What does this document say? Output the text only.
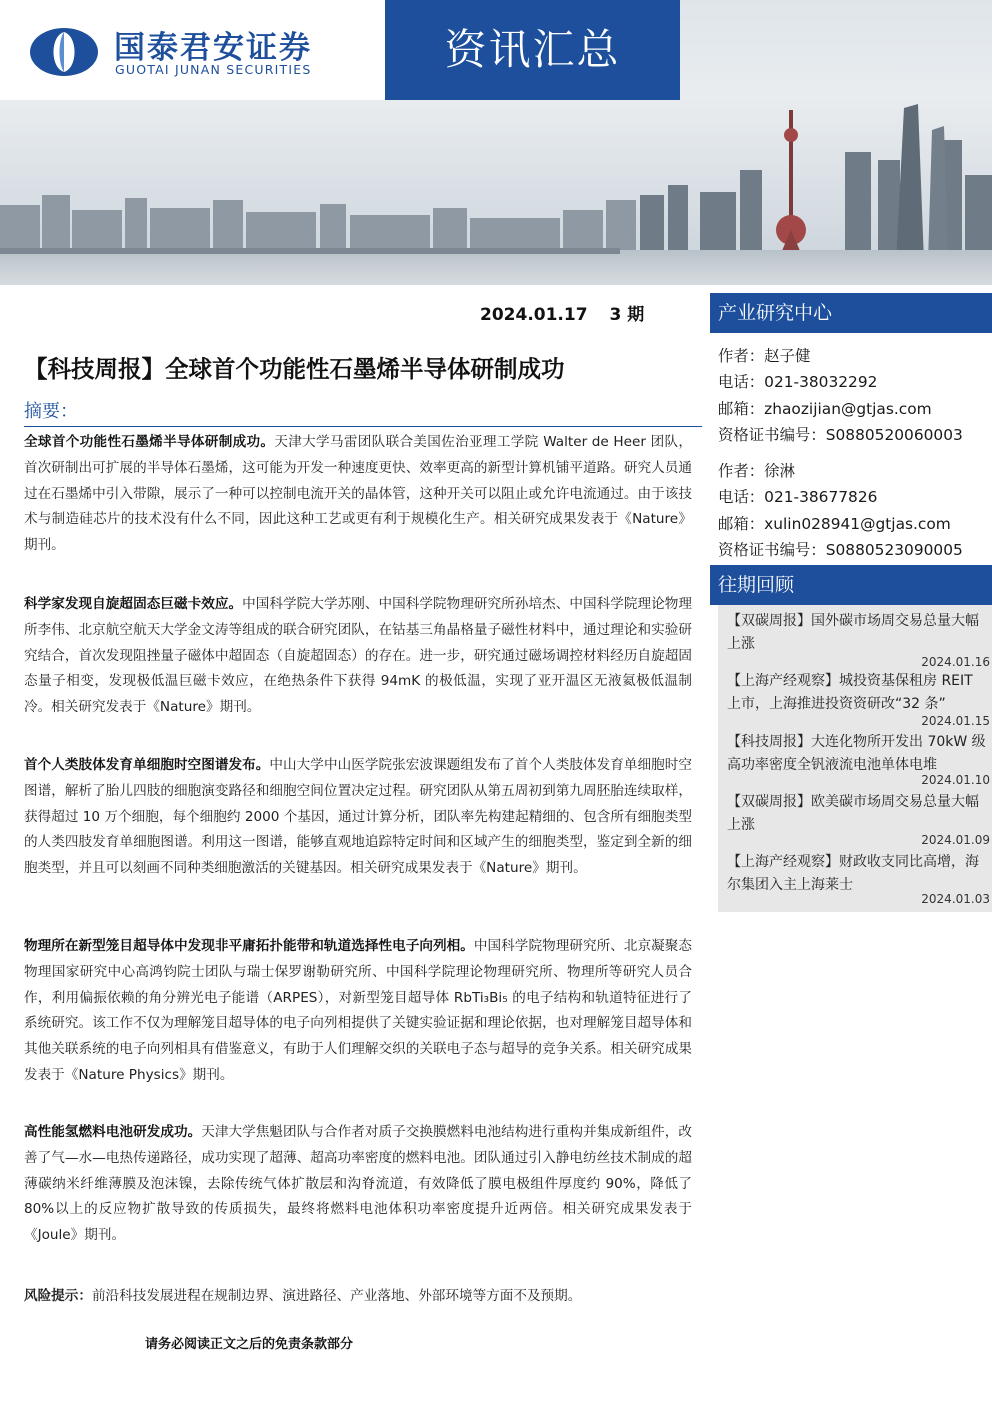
国泰君安证券
GUOTAI JUNAN SECURITIES	资讯汇总
2024.01.17 3 期
【科技周报】全球首个功能性石墨烯半导体研制成功
摘要：
全球首个功能性石墨烯半导体研制成功。天津大学马雷团队联合美国佐治亚理工学院 Walter de Heer 团队，首次研制出可扩展的半导体石墨烯，这可能为开发一种速度更快、效率更高的新型计算机铺平道路。研究人员通过在石墨烯中引入带隙，展示了一种可以控制电流开关的晶体管，这种开关可以阻止或允许电流通过。由于该技术与制造硅芯片的技术没有什么不同，因此这种工艺或更有利于规模化生产。相关研究成果发表于《Nature》期刊。
科学家发现自旋超固态巨磁卡效应。中国科学院大学苏刚、中国科学院物理研究所孙培杰、中国科学院理论物理所李伟、北京航空航天大学金文涛等组成的联合研究团队，在钴基三角晶格量子磁性材料中，通过理论和实验研究结合，首次发现阻挫量子磁体中超固态（自旋超固态）的存在。进一步，研究通过磁场调控材料经历自旋超固态量子相变，发现极低温巨磁卡效应，在绝热条件下获得 94mK 的极低温，实现了亚开温区无液氦极低温制冷。相关研究发表于《Nature》期刊。
首个人类肢体发育单细胞时空图谱发布。中山大学中山医学院张宏波课题组发布了首个人类肢体发育单细胞时空图谱，解析了胎儿四肢的细胞演变路径和细胞空间位置决定过程。研究团队从第五周初到第九周胚胎连续取样，获得超过 10 万个细胞，每个细胞约 2000 个基因，通过计算分析，团队率先构建起精细的、包含所有细胞类型的人类四肢发育单细胞图谱。利用这一图谱，能够直观地追踪特定时间和区域产生的细胞类型，鉴定到全新的细胞类型，并且可以刻画不同种类细胞激活的关键基因。相关研究成果发表于《Nature》期刊。
物理所在新型笼目超导体中发现非平庸拓扑能带和轨道选择性电子向列相。中国科学院物理研究所、北京凝聚态物理国家研究中心高鸿钧院士团队与瑞士保罗谢勒研究所、中国科学院理论物理研究所、物理所等研究人员合作，利用偏振依赖的角分辨光电子能谱（ARPES），对新型笼目超导体 RbTi₃Bi₅ 的电子结构和轨道特征进行了系统研究。该工作不仅为理解笼目超导体的电子向列相提供了关键实验证据和理论依据，也对理解笼目超导体和其他关联系统的电子向列相具有借鉴意义，有助于人们理解交织的关联电子态与超导的竞争关系。相关研究成果发表于《Nature Physics》期刊。
高性能氢燃料电池研发成功。天津大学焦魁团队与合作者对质子交换膜燃料电池结构进行重构并集成新组件，改善了气—水—电热传递路径，成功实现了超薄、超高功率密度的燃料电池。团队通过引入静电纺丝技术制成的超薄碳纳米纤维薄膜及泡沫镍，去除传统气体扩散层和沟脊流道，有效降低了膜电极组件厚度约 90%，降低了 80%以上的反应物扩散导致的传质损失，最终将燃料电池体积功率密度提升近两倍。相关研究成果发表于《Joule》期刊。
风险提示：前沿科技发展进程在规制边界、演进路径、产业落地、外部环境等方面不及预期。
请务必阅读正文之后的免责条款部分
产业研究中心
作者：赵子健
电话：021-38032292
邮箱：zhaozijian@gtjas.com
资格证书编号：S0880520060003
作者：徐淋
电话：021-38677826
邮箱：xulin028941@gtjas.com
资格证书编号：S0880523090005
往期回顾
【双碳周报】国外碳市场周交易总量大幅上涨
2024.01.16
【上海产经观察】城投资基保租房 REIT 上市，上海推进投资资研改“32 条”
2024.01.15
【科技周报】大连化物所开发出 70kW 级高功率密度全钒液流电池单体电堆
2024.01.10
【双碳周报】欧美碳市场周交易总量大幅上涨
2024.01.09
【上海产经观察】财政收支同比高增，海尔集团入主上海莱士
2024.01.03
